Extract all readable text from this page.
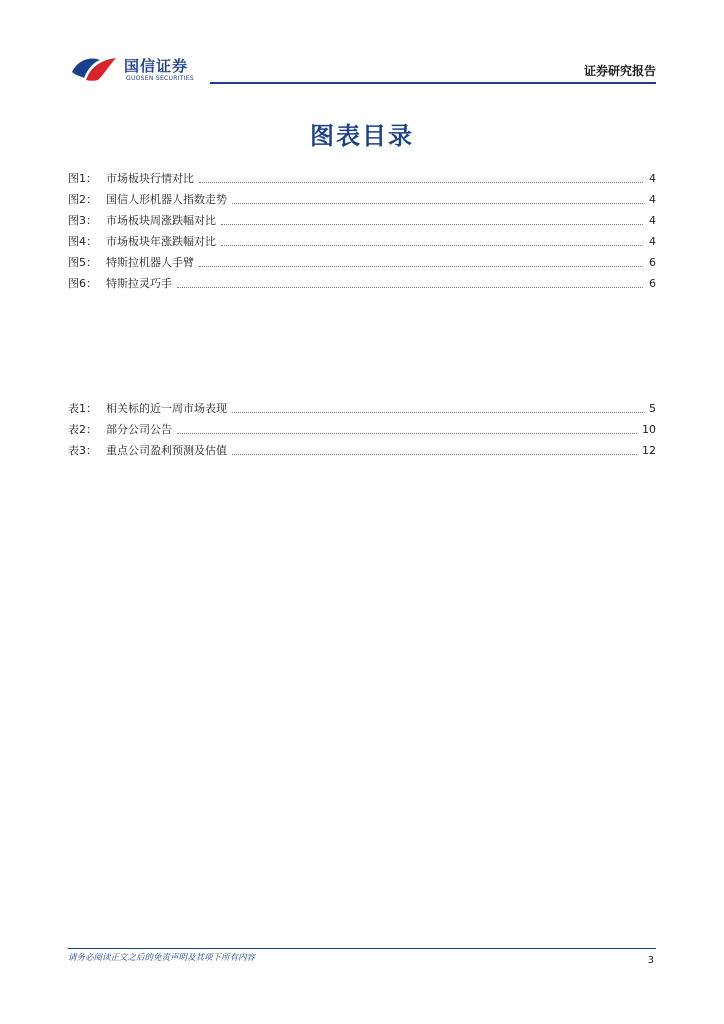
国信证券
GUOSEN SECURITIES
证券研究报告
图表目录
图1： 市场板块行情对比	4
图2： 国信人形机器人指数走势	4
图3： 市场板块周涨跌幅对比	4
图4： 市场板块年涨跌幅对比	4
图5： 特斯拉机器人手臂	6
图6： 特斯拉灵巧手	6
表1： 相关标的近一周市场表现	5
表2： 部分公司公告	10
表3： 重点公司盈利预测及估值	12
请务必阅读正文之后的免责声明及其项下所有内容	3
